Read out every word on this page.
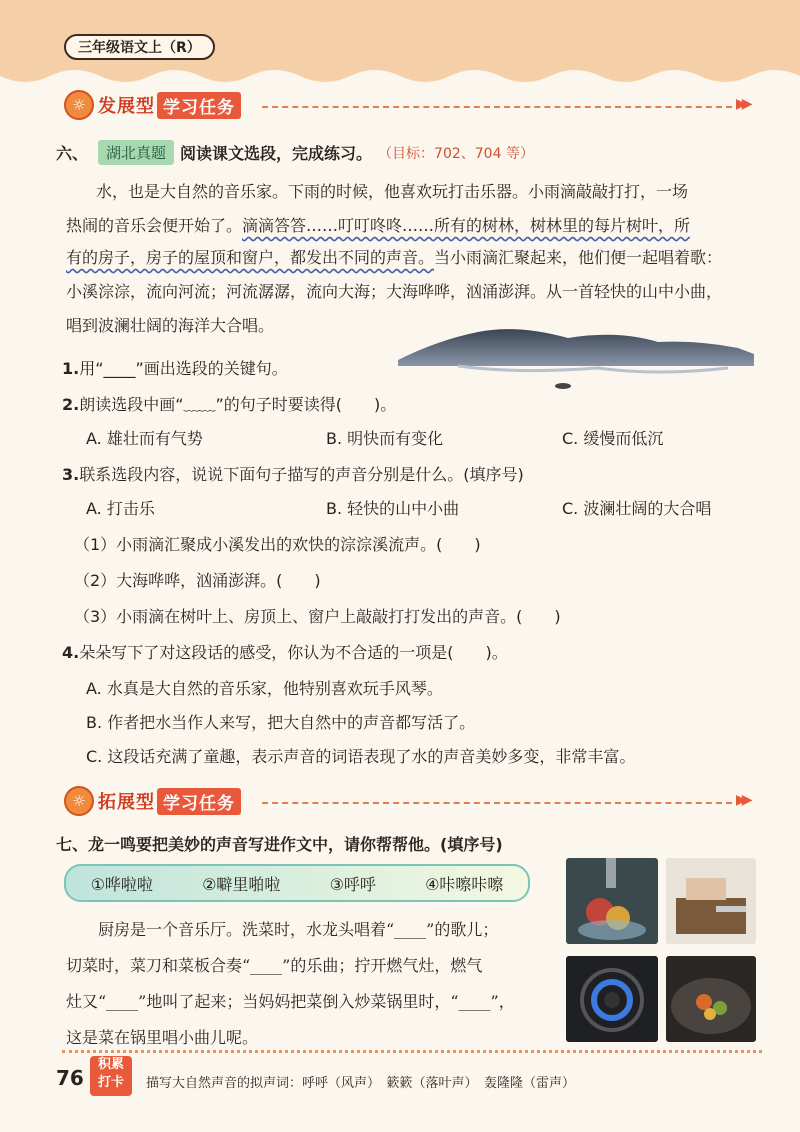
三年级语文上（R）
☼ 发展型 学习任务	▶▶
六、	湖北真题 阅读课文选段，完成练习。 （目标：702、704 等）

水，也是大自然的音乐家。下雨的时候，他喜欢玩打击乐器。小雨滴敲敲打打，一场

热闹的音乐会便开始了。滴滴答答……叮叮咚咚……所有的树林，树林里的每片树叶，所

有的房子，房子的屋顶和窗户，都发出不同的声音。当小雨滴汇聚起来，他们便一起唱着歌：

小溪淙淙，流向河流；河流潺潺，流向大海；大海哗哗，汹涌澎湃。从一首轻快的山中小曲，

唱到波澜壮阔的海洋大合唱。

1.用“____”画出选段的关键句。
2.朗读选段中画“﹏﹏”的句子时要读得(　　)。
A. 雄壮而有气势	B. 明快而有变化	C. 缓慢而低沉
3.联系选段内容，说说下面句子描写的声音分别是什么。(填序号)
A. 打击乐	B. 轻快的山中小曲	C. 波澜壮阔的大合唱
（1）小雨滴汇聚成小溪发出的欢快的淙淙溪流声。(　　)
（2）大海哗哗，汹涌澎湃。(　　)
（3）小雨滴在树叶上、房顶上、窗户上敲敲打打发出的声音。(　　)
4.朵朵写下了对这段话的感受，你认为不合适的一项是(　　)。
A. 水真是大自然的音乐家，他特别喜欢玩手风琴。
B. 作者把水当作人来写，把大自然中的声音都写活了。
C. 这段话充满了童趣，表示声音的词语表现了水的声音美妙多变，非常丰富。
☼ 拓展型 学习任务	▶▶
七、龙一鸣要把美妙的声音写进作文中，请你帮帮他。(填序号)
①哗啦啦	②噼里啪啦	③呼呼	④咔嚓咔嚓

厨房是一个音乐厅。洗菜时，水龙头唱着“____”的歌儿；

切菜时，菜刀和菜板合奏“____”的乐曲；拧开燃气灶，燃气

灶又“____”地叫了起来；当妈妈把菜倒入炒菜锅里时，“____”，

这是菜在锅里唱小曲儿呢。

76
积累
打卡	描写大自然声音的拟声词：呼呼（风声）　簌簌（落叶声）　轰隆隆（雷声）
